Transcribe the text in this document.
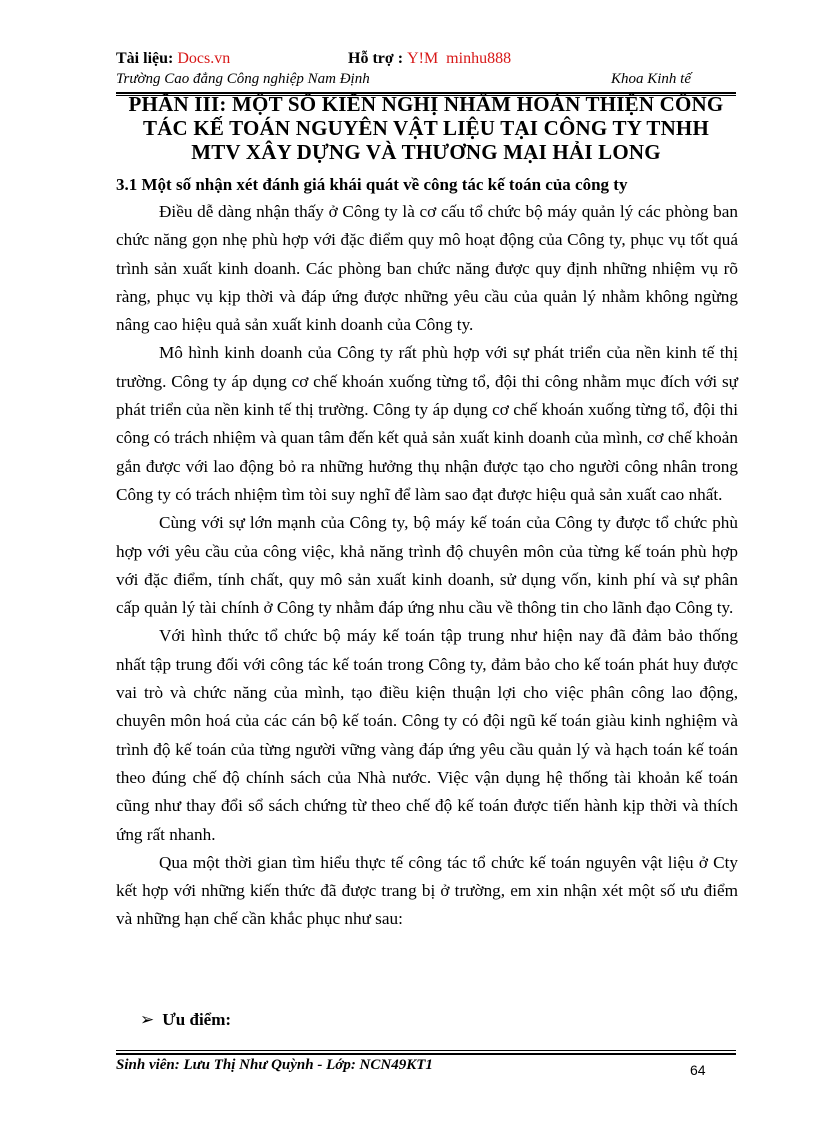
Tài liệu: Docs.vn	Hỗ trợ : Y!M minhu888
Trường Cao đẳng Công nghiệp Nam Định	Khoa Kinh tế
PHẦN III: MỘT SỐ KIẾN NGHỊ NHẰM HOÀN THIỆN CÔNG
TÁC KẾ TOÁN NGUYÊN VẬT LIỆU TẠI CÔNG TY TNHH
MTV XÂY DỰNG VÀ THƯƠNG MẠI HẢI LONG
3.1 Một số nhận xét đánh giá khái quát về công tác kế toán của công ty

Điều dễ dàng nhận thấy ở Công ty là cơ cấu tổ chức bộ máy quản lý các phòng ban chức năng gọn nhẹ phù hợp với đặc điểm quy mô hoạt động của Công ty, phục vụ tốt quá trình sản xuất kinh doanh. Các phòng ban chức năng được quy định những nhiệm vụ rõ ràng, phục vụ kịp thời và đáp ứng được những yêu cầu của quản lý nhằm không ngừng nâng cao hiệu quả sản xuất kinh doanh của Công ty.

Mô hình kinh doanh của Công ty rất phù hợp với sự phát triển của nền kinh tế thị trường. Công ty áp dụng cơ chế khoán xuống từng tổ, đội thi công nhằm mục đích với sự phát triển của nền kinh tế thị trường. Công ty áp dụng cơ chế khoán xuống từng tổ, đội thi công có trách nhiệm và quan tâm đến kết quả sản xuất kinh doanh của mình, cơ chế khoản gắn được với lao động bỏ ra những hưởng thụ nhận được tạo cho người công nhân trong Công ty có trách nhiệm tìm tòi suy nghĩ để làm sao đạt được hiệu quả sản xuất cao nhất.

Cùng với sự lớn mạnh của Công ty, bộ máy kế toán của Công ty được tổ chức phù hợp với yêu cầu của công việc, khả năng trình độ chuyên môn của từng kế toán phù hợp với đặc điểm, tính chất, quy mô sản xuất kinh doanh, sử dụng vốn, kinh phí và sự phân cấp quản lý tài chính ở Công ty nhằm đáp ứng nhu cầu về thông tin cho lãnh đạo Công ty.

Với hình thức tổ chức bộ máy kế toán tập trung như hiện nay đã đảm bảo thống nhất tập trung đối với công tác kế toán trong Công ty, đảm bảo cho kế toán phát huy được vai trò và chức năng của mình, tạo điều kiện thuận lợi cho việc phân công lao động, chuyên môn hoá của các cán bộ kế toán. Công ty có đội ngũ kế toán giàu kinh nghiệm và trình độ kế toán của từng người vững vàng đáp ứng yêu cầu quản lý và hạch toán kế toán theo đúng chế độ chính sách của Nhà nước. Việc vận dụng hệ thống tài khoản kế toán cũng như thay đổi sổ sách chứng từ theo chế độ kế toán được tiến hành kịp thời và thích ứng rất nhanh.

Qua một thời gian tìm hiểu thực tế công tác tổ chức kế toán nguyên vật liệu ở Cty kết hợp với những kiến thức đã được trang bị ở trường, em xin nhận xét một số ưu điểm và những hạn chế cần khắc phục như sau:

➢ Ưu điểm:
Sinh viên: Lưu Thị Như Quỳnh - Lớp: NCN49KT1	64
